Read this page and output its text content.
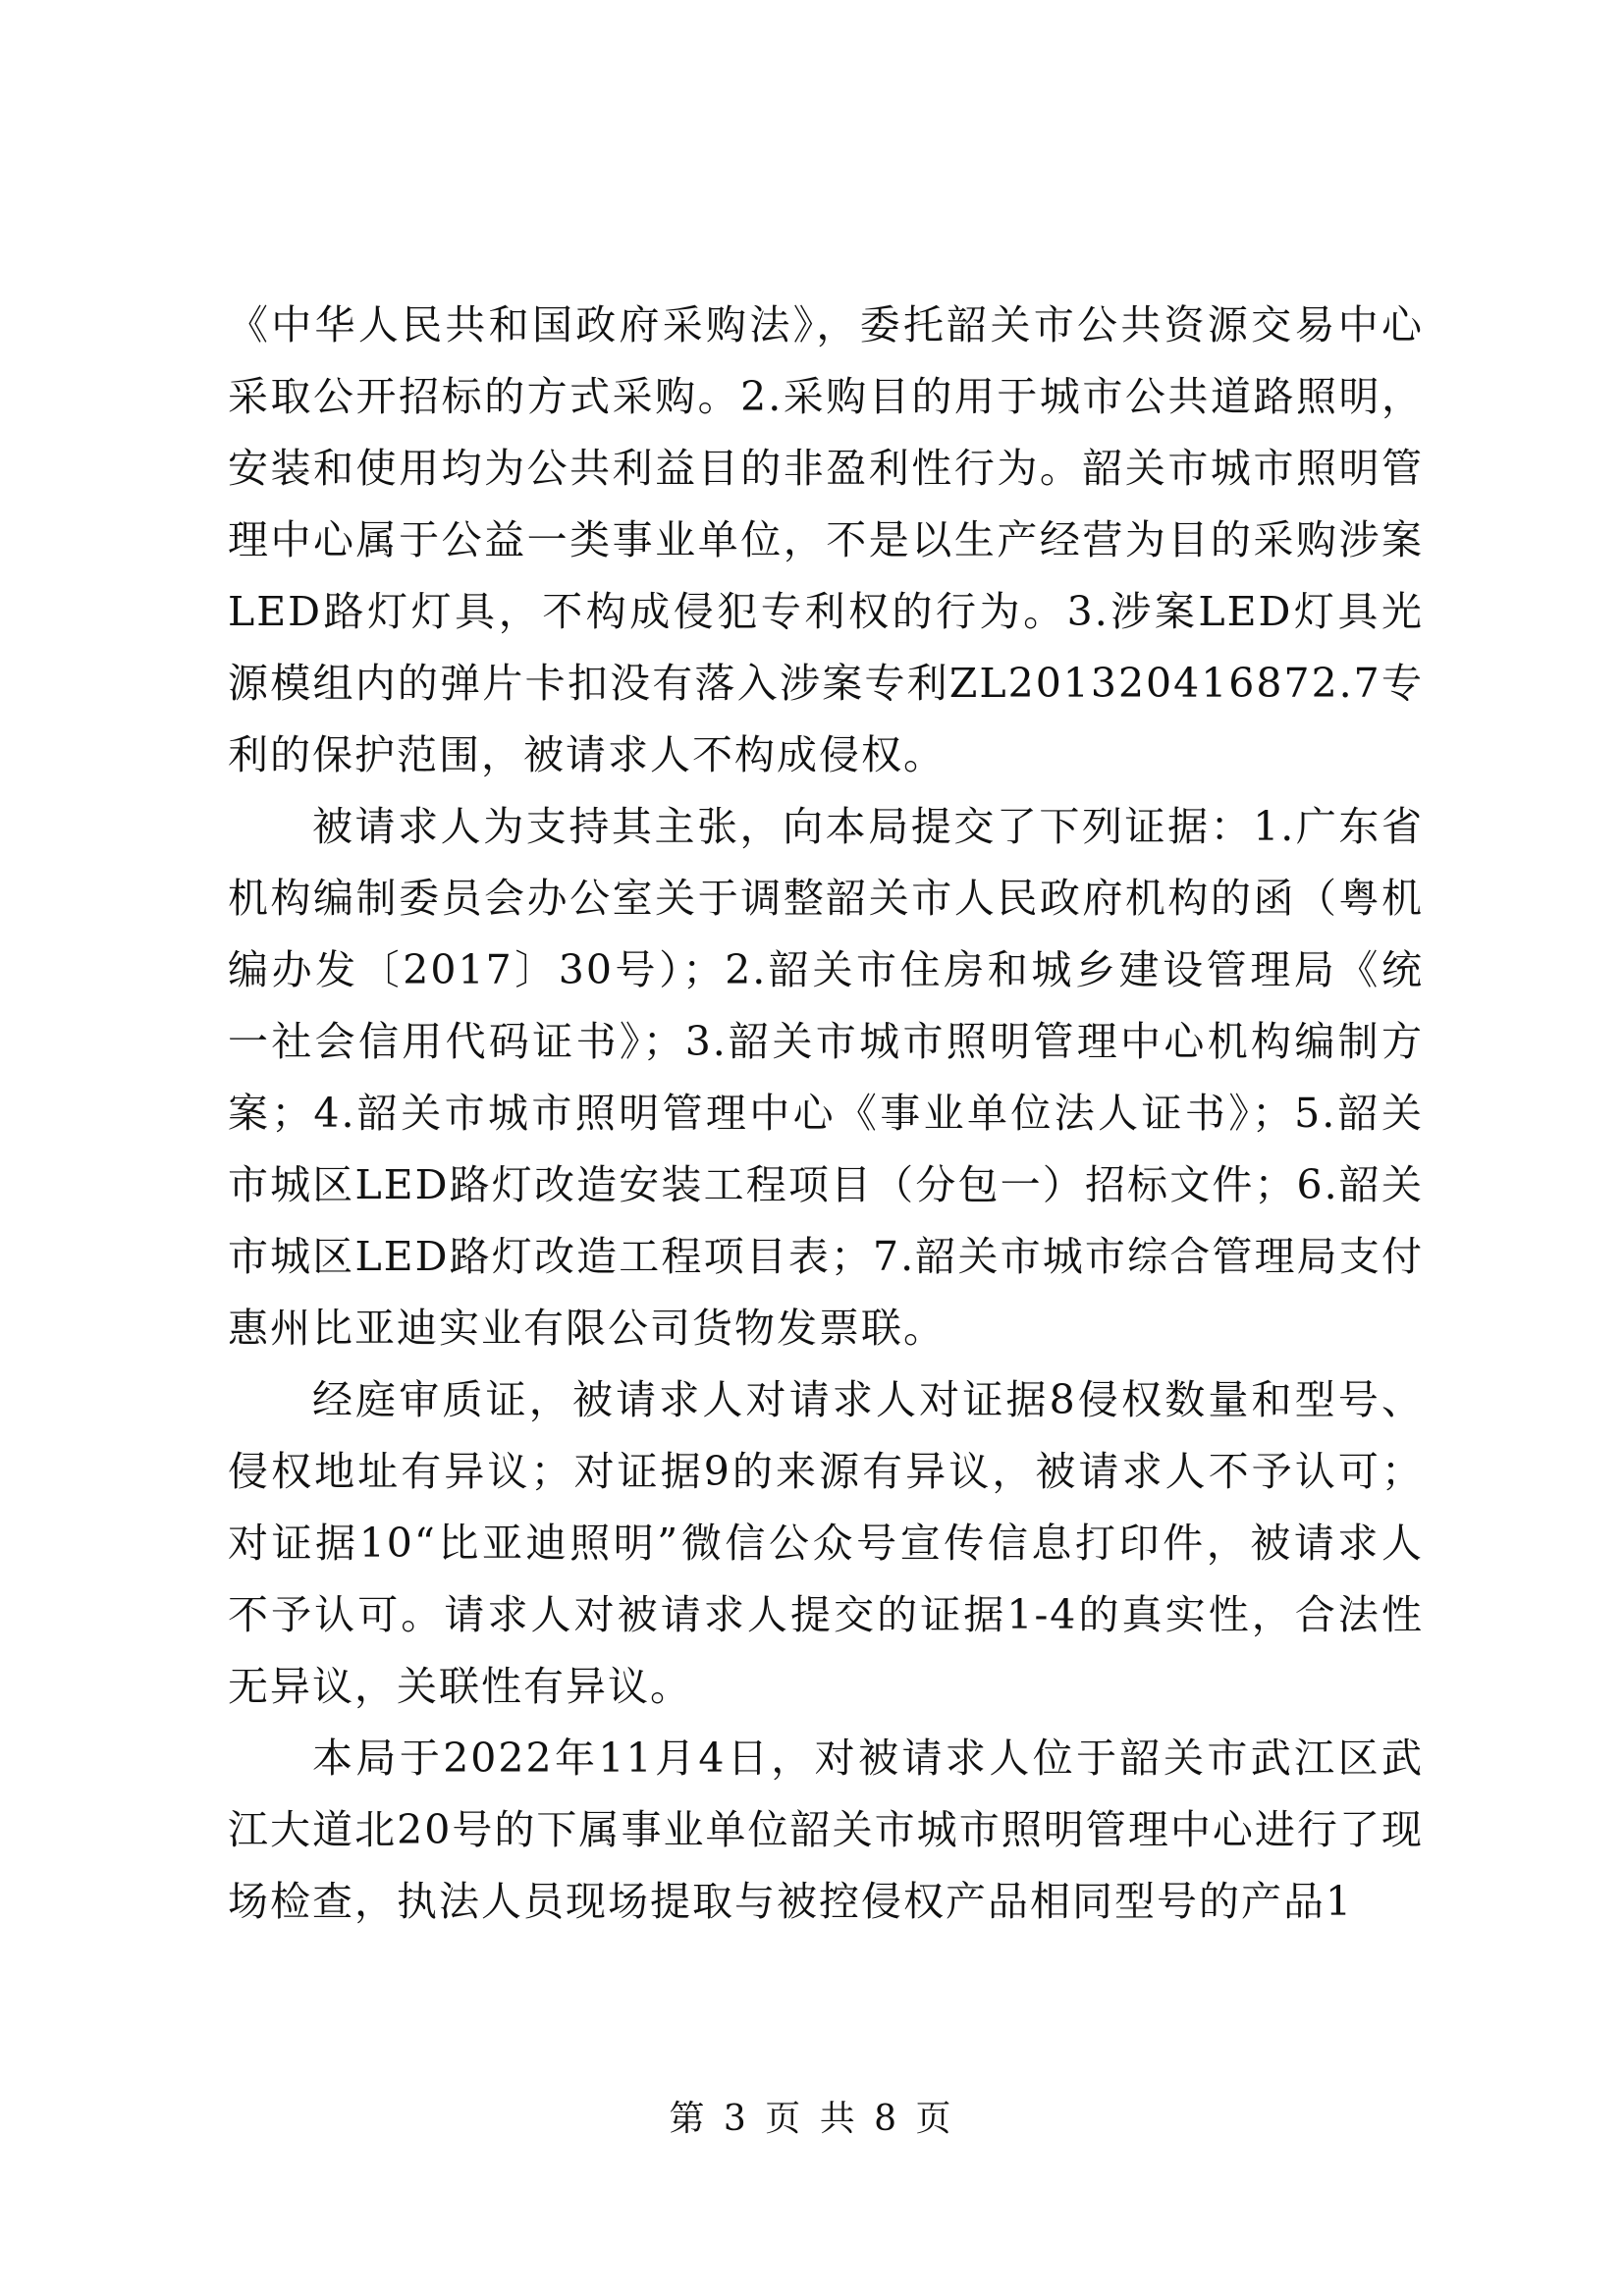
《中华人民共和国政府采购法》，委托韶关市公共资源交易中心采取公开招标的方式采购。2.采购目的用于城市公共道路照明，安装和使用均为公共利益目的非盈利性行为。韶关市城市照明管理中心属于公益一类事业单位，不是以生产经营为目的采购涉案LED路灯灯具，不构成侵犯专利权的行为。3.涉案LED灯具光源模组内的弹片卡扣没有落入涉案专利ZL201320416872.7专利的保护范围，被请求人不构成侵权。

被请求人为支持其主张，向本局提交了下列证据：1.广东省机构编制委员会办公室关于调整韶关市人民政府机构的函（粤机编办发〔2017〕30号）；2.韶关市住房和城乡建设管理局《统一社会信用代码证书》；3.韶关市城市照明管理中心机构编制方案；4.韶关市城市照明管理中心《事业单位法人证书》；5.韶关市城区LED路灯改造安装工程项目（分包一）招标文件；6.韶关市城区LED路灯改造工程项目表；7.韶关市城市综合管理局支付惠州比亚迪实业有限公司货物发票联。

经庭审质证，被请求人对请求人对证据8侵权数量和型号、侵权地址有异议；对证据9的来源有异议，被请求人不予认可；对证据10“比亚迪照明”微信公众号宣传信息打印件，被请求人不予认可。请求人对被请求人提交的证据1-4的真实性，合法性无异议，关联性有异议。

本局于2022年11月4日，对被请求人位于韶关市武江区武江大道北20号的下属事业单位韶关市城市照明管理中心进行了现场检查，执法人员现场提取与被控侵权产品相同型号的产品1

第 3 页 共 8 页
